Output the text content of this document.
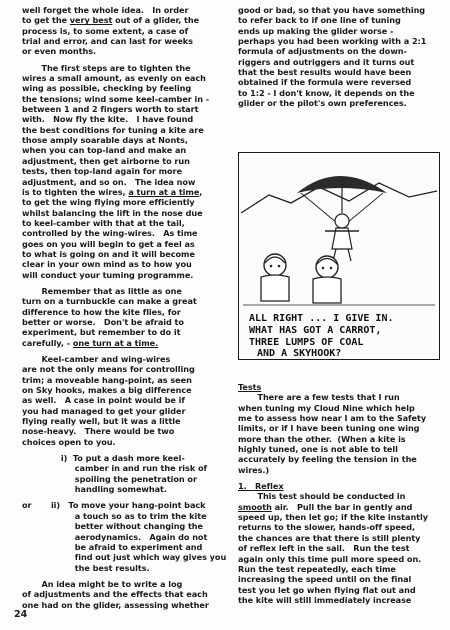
well forget the whole idea.   In order
to get the very best out of a glider, the
process is, to some extent, a case of
trial and error, and can last for weeks
or even months.
The first steps are to tighten the
wires a small amount, as evenly on each
wing as possible, checking by feeling
the tensions; wind some keel-camber in -
between 1 and 2 fingers worth to start
with.   Now fly the kite.   I have found
the best conditions for tuning a kite are
those amply soarable days at Nonts,
when you can top-land and make an
adjustment, then get airborne to run
tests, then top-land again for more
adjustment, and so on.   The idea now
is to tighten the wires, a turn at a time,
to get the wing flying more efficiently
whilst balancing the lift in the nose due
to keel-camber with that at the tail,
controlled by the wing-wires.   As time
goes on you will begin to get a feel as
to what is going on and it will become
clear in your own mind as to how you
will conduct your tuming programme.
Remember that as little as one
turn on a turnbuckle can make a great
difference to how the kite flies, for
better or worse.   Don't be afraid to
experiment, but remember to do it
carefully, - one turn at a time.
Keel-camber and wing-wires
are not the only means for controlling
trim; a moveable hang-point, as seen
on Sky hooks, makes a big difference
as well.   A case in point would be if
you had managed to get your glider
flying really well, but it was a little
nose-heavy.   There would be two
choices open to you.
i)  To put a dash more keel-
camber in and run the risk of
spoiling the penetration or
handling somewhat.
or       ii)   To move your hang-point back
a touch so as to trim the kite
better without changing the
aerodynamics.   Again do not
be afraid to experiment and
find out just which way gives you
the best results.
An idea might be to write a log
of adjustments and the effects that each
one had on the glider, assessing whether
good or bad, so that you have something
to refer back to if one line of tuning
ends up making the glider worse -
perhaps you had been working with a 2:1
formula of adjustments on the down-
riggers and outriggers and it turns out
that the best results would have been
obtained if the formula were reversed
to 1:2 - I don't know, it depends on the
glider or the pilot's own preferences.
ALL RIGHT ... I GIVE IN.
WHAT HAS GOT A CARROT,
THREE LUMPS OF COAL
AND A SKYHOOK?
Tests
There are a few tests that I run
when tuning my Cloud Nine which help
me to assess how near I am to the Safety
limits, or if I have been tuning one wing
more than the other.  (When a kite is
highly tuned, one is not able to tell
accurately by feeling the tension in the
wires.)
1.   Reflex
This test should be conducted in
smooth air.   Pull the bar in gently and
speed up, then let go; if the kite instantly
returns to the slower, hands-off speed,
the chances are that there is still plenty
of reflex left in the sail.   Run the test
again only this time pull more speed on.
Run the test repeatedly, each time
increasing the speed until on the final
test you let go when flying flat out and
the kite will still immediately increase
24
